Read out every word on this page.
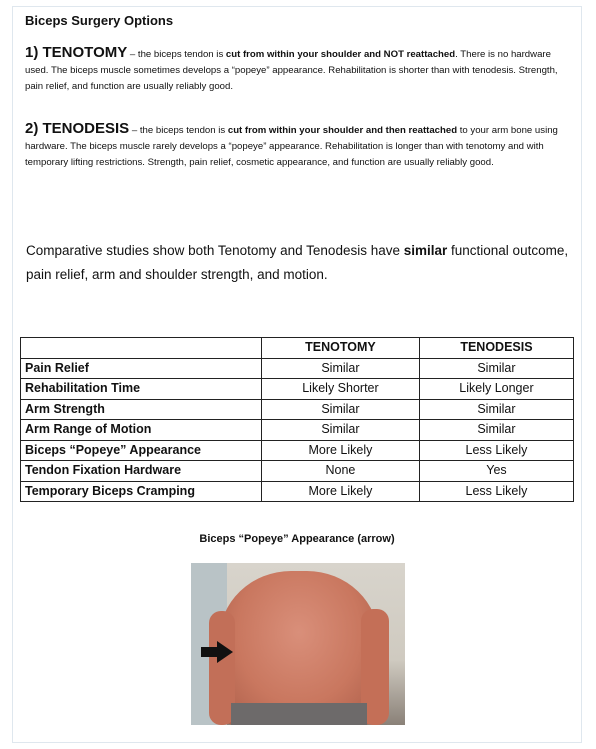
Biceps Surgery Options
1) TENOTOMY – the biceps tendon is cut from within your shoulder and NOT reattached. There is no hardware used. The biceps muscle sometimes develops a “popeye” appearance. Rehabilitation is shorter than with tenodesis. Strength, pain relief, and function are usually reliably good.
2) TENODESIS – the biceps tendon is cut from within your shoulder and then reattached to your arm bone using hardware. The biceps muscle rarely develops a “popeye” appearance. Rehabilitation is longer than with tenotomy and with temporary lifting restrictions. Strength, pain relief, cosmetic appearance, and function are usually reliably good.
Comparative studies show both Tenotomy and Tenodesis have similar functional outcome, pain relief, arm and shoulder strength, and motion.
	TENOTOMY	TENODESIS
Pain Relief	Similar	Similar
Rehabilitation Time	Likely Shorter	Likely Longer
Arm Strength	Similar	Similar
Arm Range of Motion	Similar	Similar
Biceps “Popeye” Appearance	More Likely	Less Likely
Tendon Fixation Hardware	None	Yes
Temporary Biceps Cramping	More Likely	Less Likely
Biceps “Popeye” Appearance (arrow)
